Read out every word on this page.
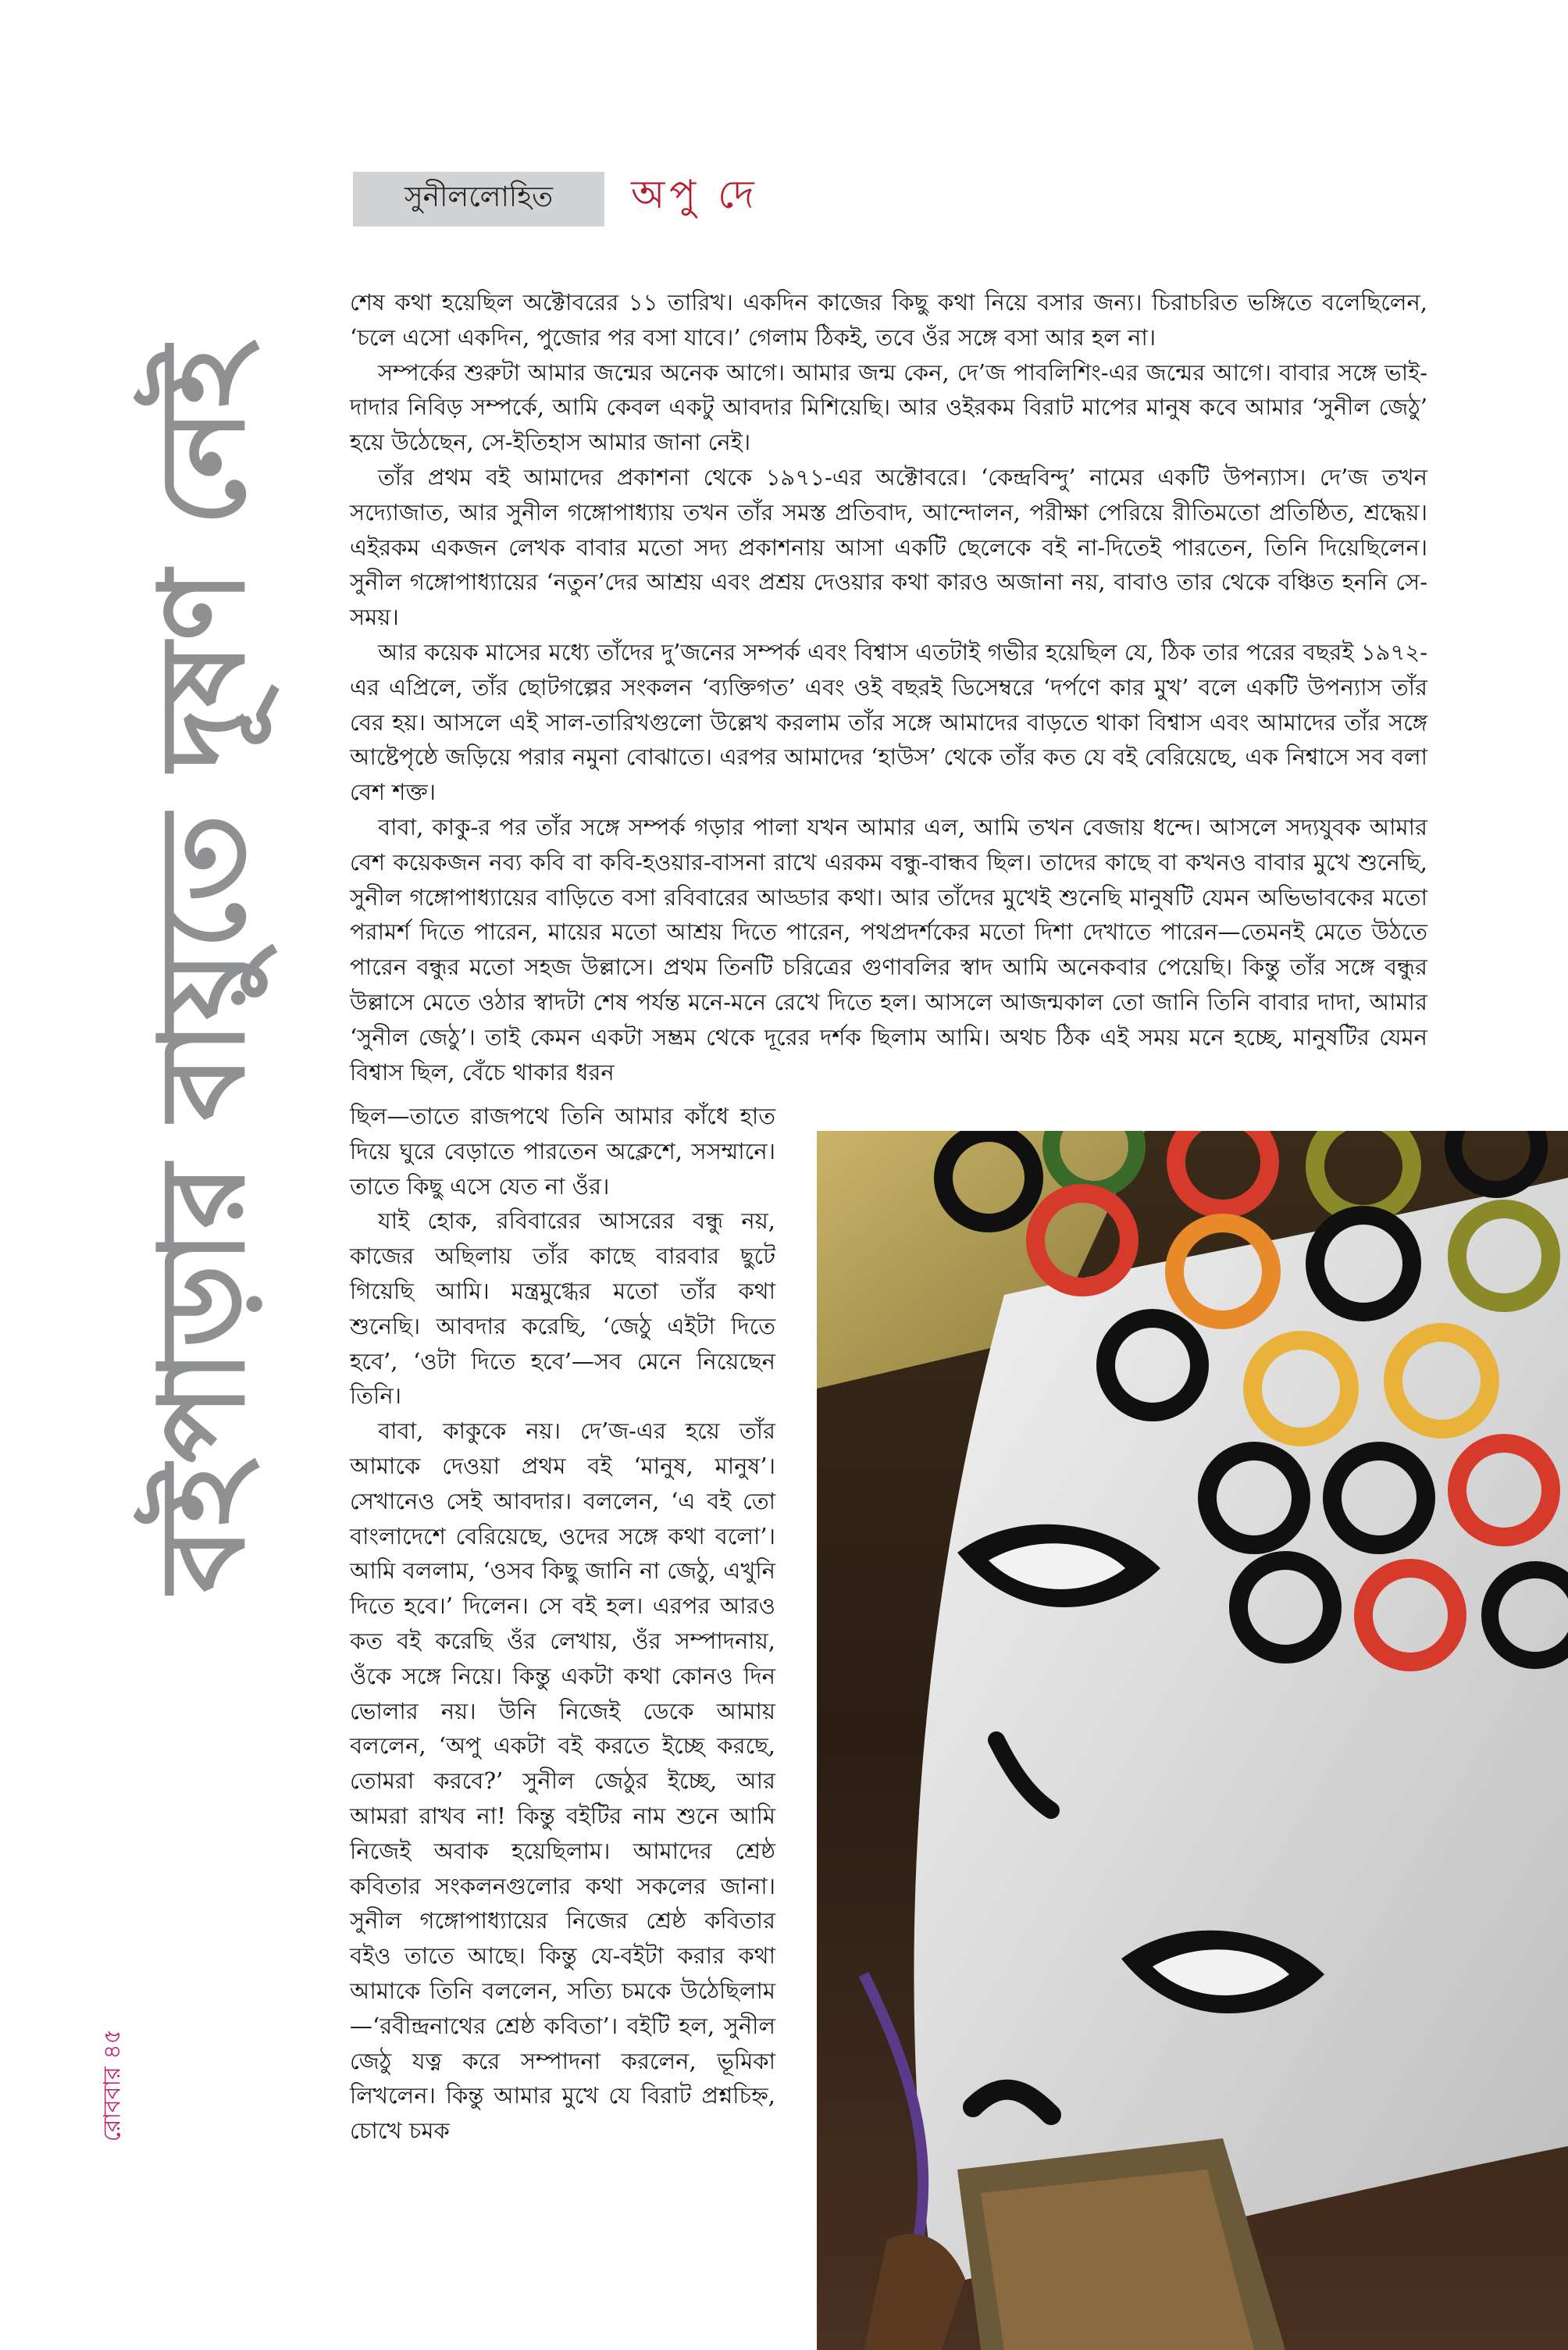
বইপাড়ার বায়ুতে দূষণ নেই
রোববার ৪৫
সুনীললোহিত অপু দে

শেষ কথা হয়েছিল অক্টোবরের ১১ তারিখ। একদিন কাজের কিছু কথা নিয়ে বসার জন্য। চিরাচরিত ভঙ্গিতে বলেছিলেন, ‘চলে এসো একদিন, পুজোর পর বসা যাবে।’ গেলাম ঠিকই, তবে ওঁর সঙ্গে বসা আর হল না।

সম্পর্কের শুরুটা আমার জন্মের অনেক আগে। আমার জন্ম কেন, দে’জ পাবলিশিং-এর জন্মের আগে। বাবার সঙ্গে ভাই-দাদার নিবিড় সম্পর্কে, আমি কেবল একটু আবদার মিশিয়েছি। আর ওইরকম বিরাট মাপের মানুষ কবে আমার ‘সুনীল জেঠু’ হয়ে উঠেছেন, সে-ইতিহাস আমার জানা নেই।

তাঁর প্রথম বই আমাদের প্রকাশনা থেকে ১৯৭১-এর অক্টোবরে। ‘কেন্দ্রবিন্দু’ নামের একটি উপন্যাস। দে’জ তখন সদ্যোজাত, আর সুনীল গঙ্গোপাধ্যায় তখন তাঁর সমস্ত প্রতিবাদ, আন্দোলন, পরীক্ষা পেরিয়ে রীতিমতো প্রতিষ্ঠিত, শ্রদ্ধেয়। এইরকম একজন লেখক বাবার মতো সদ্য প্রকাশনায় আসা একটি ছেলেকে বই না-দিতেই পারতেন, তিনি দিয়েছিলেন। সুনীল গঙ্গোপাধ্যায়ের ‘নতুন’দের আশ্রয় এবং প্রশ্রয় দেওয়ার কথা কারও অজানা নয়, বাবাও তার থেকে বঞ্চিত হননি সে-সময়।

আর কয়েক মাসের মধ্যে তাঁদের দু’জনের সম্পর্ক এবং বিশ্বাস এতটাই গভীর হয়েছিল যে, ঠিক তার পরের বছরই ১৯৭২-এর এপ্রিলে, তাঁর ছোটগল্পের সংকলন ‘ব্যক্তিগত’ এবং ওই বছরই ডিসেম্বরে ‘দর্পণে কার মুখ’ বলে একটি উপন্যাস তাঁর বের হয়। আসলে এই সাল-তারিখগুলো উল্লেখ করলাম তাঁর সঙ্গে আমাদের বাড়তে থাকা বিশ্বাস এবং আমাদের তাঁর সঙ্গে আষ্টেপৃষ্ঠে জড়িয়ে পরার নমুনা বোঝাতে। এরপর আমাদের ‘হাউস’ থেকে তাঁর কত যে বই বেরিয়েছে, এক নিশ্বাসে সব বলা বেশ শক্ত।

বাবা, কাকু-র পর তাঁর সঙ্গে সম্পর্ক গড়ার পালা যখন আমার এল, আমি তখন বেজায় ধন্দে। আসলে সদ্যযুবক আমার বেশ কয়েকজন নব্য কবি বা কবি-হওয়ার-বাসনা রাখে এরকম বন্ধু-বান্ধব ছিল। তাদের কাছে বা কখনও বাবার মুখে শুনেছি, সুনীল গঙ্গোপাধ্যায়ের বাড়িতে বসা রবিবারের আড্ডার কথা। আর তাঁদের মুখেই শুনেছি মানুষটি যেমন অভিভাবকের মতো পরামর্শ দিতে পারেন, মায়ের মতো আশ্রয় দিতে পারেন, পথপ্রদর্শকের মতো দিশা দেখাতে পারেন—তেমনই মেতে উঠতে পারেন বন্ধুর মতো সহজ উল্লাসে। প্রথম তিনটি চরিত্রের গুণাবলির স্বাদ আমি অনেকবার পেয়েছি। কিন্তু তাঁর সঙ্গে বন্ধুর উল্লাসে মেতে ওঠার স্বাদটা শেষ পর্যন্ত মনে-মনে রেখে দিতে হল। আসলে আজন্মকাল তো জানি তিনি বাবার দাদা, আমার ‘সুনীল জেঠু’। তাই কেমন একটা সম্ভ্রম থেকে দূরের দর্শক ছিলাম আমি। অথচ ঠিক এই সময় মনে হচ্ছে, মানুষটির যেমন বিশ্বাস ছিল, বেঁচে থাকার ধরন

ছিল—তাতে রাজপথে তিনি আমার কাঁধে হাত দিয়ে ঘুরে বেড়াতে পারতেন অক্লেশে, সসম্মানে। তাতে কিছু এসে যেত না ওঁর।

যাই হোক, রবিবারের আসরের বন্ধু নয়, কাজের অছিলায় তাঁর কাছে বারবার ছুটে গিয়েছি আমি। মন্ত্রমুগ্ধের মতো তাঁর কথা শুনেছি। আবদার করেছি, ‘জেঠু এইটা দিতে হবে’, ‘ওটা দিতে হবে’—সব মেনে নিয়েছেন তিনি।

বাবা, কাকুকে নয়। দে’জ-এর হয়ে তাঁর আমাকে দেওয়া প্রথম বই ‘মানুষ, মানুষ’। সেখানেও সেই আবদার। বললেন, ‘এ বই তো বাংলাদেশে বেরিয়েছে, ওদের সঙ্গে কথা বলো’। আমি বললাম, ‘ওসব কিছু জানি না জেঠু, এখুনি দিতে হবে।’ দিলেন। সে বই হল। এরপর আরও কত বই করেছি ওঁর লেখায়, ওঁর সম্পাদনায়, ওঁকে সঙ্গে নিয়ে। কিন্তু একটা কথা কোনও দিন ভোলার নয়। উনি নিজেই ডেকে আমায় বললেন, ‘অপু একটা বই করতে ইচ্ছে করছে, তোমরা করবে?’ সুনীল জেঠুর ইচ্ছে, আর আমরা রাখব না! কিন্তু বইটির নাম শুনে আমি নিজেই অবাক হয়েছিলাম। আমাদের শ্রেষ্ঠ কবিতার সংকলনগুলোর কথা সকলের জানা। সুনীল গঙ্গোপাধ্যায়ের নিজের শ্রেষ্ঠ কবিতার বইও তাতে আছে। কিন্তু যে-বইটা করার কথা আমাকে তিনি বললেন, সত্যি চমকে উঠেছিলাম—‘রবীন্দ্রনাথের শ্রেষ্ঠ কবিতা’। বইটি হল, সুনীল জেঠু যত্ন করে সম্পাদনা করলেন, ভূমিকা লিখলেন। কিন্তু আমার মুখে যে বিরাট প্রশ্নচিহ্ন, চোখে চমক
